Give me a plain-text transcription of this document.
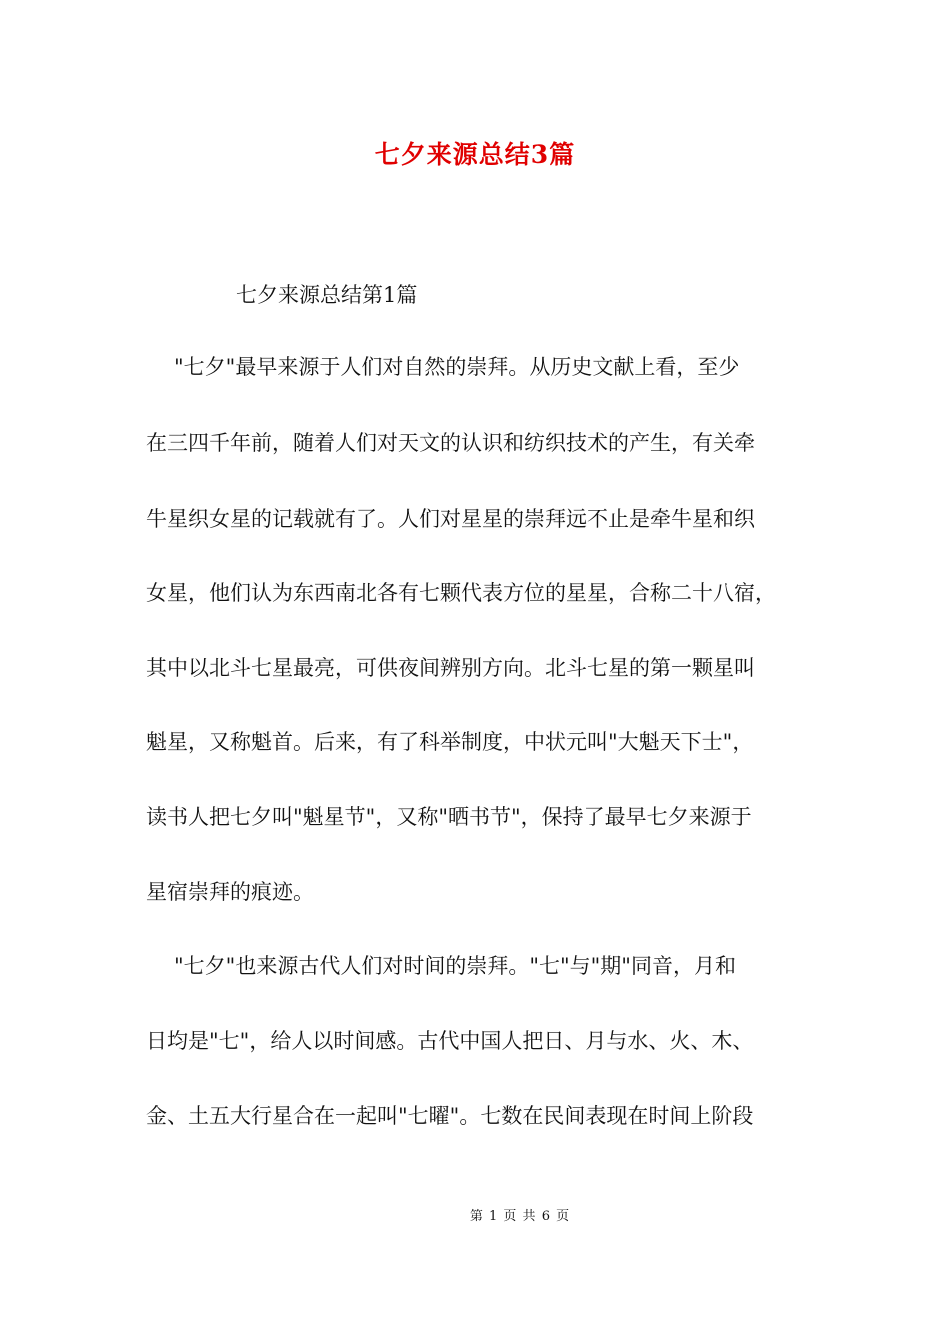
七夕来源总结3篇
七夕来源总结第1篇
"七夕"最早来源于人们对自然的崇拜。从历史文献上看，至少
在三四千年前，随着人们对天文的认识和纺织技术的产生，有关牵
牛星织女星的记载就有了。人们对星星的崇拜远不止是牵牛星和织
女星，他们认为东西南北各有七颗代表方位的星星，合称二十八宿，
其中以北斗七星最亮，可供夜间辨别方向。北斗七星的第一颗星叫
魁星，又称魁首。后来，有了科举制度，中状元叫"大魁天下士"，
读书人把七夕叫"魁星节"，又称"晒书节"，保持了最早七夕来源于
星宿崇拜的痕迹。
"七夕"也来源古代人们对时间的崇拜。"七"与"期"同音，月和
日均是"七"，给人以时间感。古代中国人把日、月与水、火、木、
金、土五大行星合在一起叫"七曜"。七数在民间表现在时间上阶段
第 1 页 共 6 页
